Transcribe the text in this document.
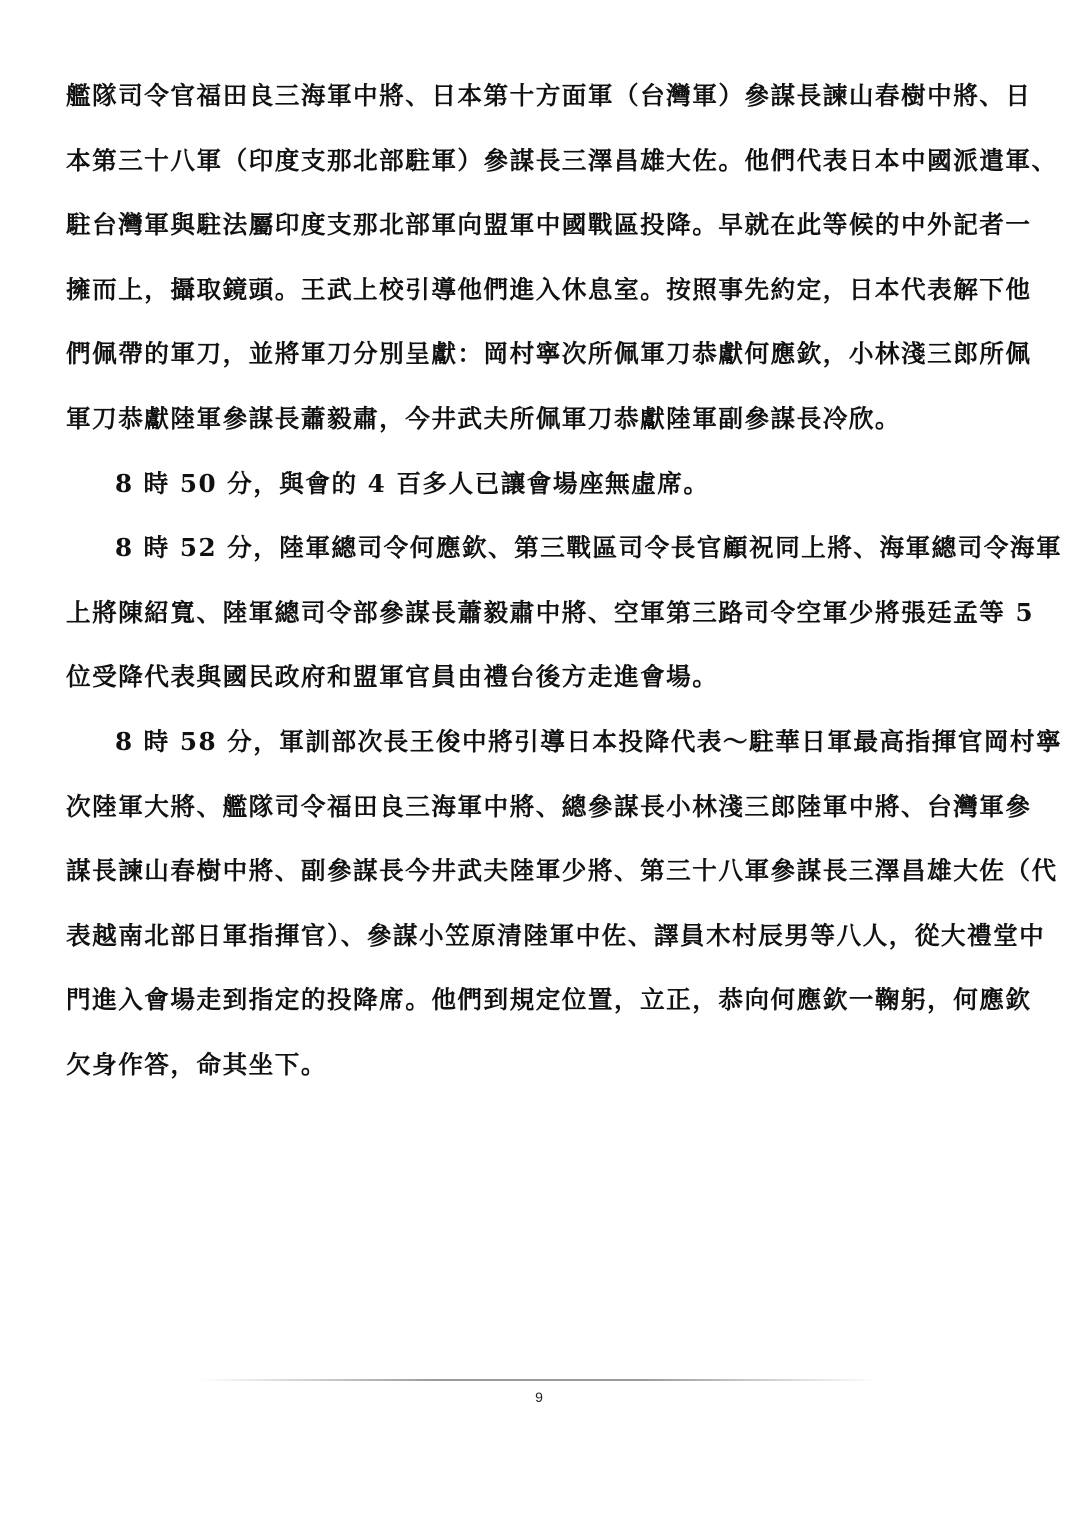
艦隊司令官福田良三海軍中將、日本第十方面軍（台灣軍）參謀長諫山春樹中將、日
本第三十八軍（印度支那北部駐軍）參謀長三澤昌雄大佐。他們代表日本中國派遣軍、
駐台灣軍與駐法屬印度支那北部軍向盟軍中國戰區投降。早就在此等候的中外記者一
擁而上，攝取鏡頭。王武上校引導他們進入休息室。按照事先約定，日本代表解下他
們佩帶的軍刀，並將軍刀分別呈獻：岡村寧次所佩軍刀恭獻何應欽，小林淺三郎所佩
軍刀恭獻陸軍參謀長蕭毅肅，今井武夫所佩軍刀恭獻陸軍副參謀長冷欣。
8 時 50 分，與會的 4 百多人已讓會場座無虛席。
8 時 52 分，陸軍總司令何應欽、第三戰區司令長官顧祝同上將、海軍總司令海軍
上將陳紹寬、陸軍總司令部參謀長蕭毅肅中將、空軍第三路司令空軍少將張廷孟等 5
位受降代表與國民政府和盟軍官員由禮台後方走進會場。
8 時 58 分，軍訓部次長王俊中將引導日本投降代表～駐華日軍最高指揮官岡村寧
次陸軍大將、艦隊司令福田良三海軍中將、總參謀長小林淺三郎陸軍中將、台灣軍參
謀長諫山春樹中將、副參謀長今井武夫陸軍少將、第三十八軍參謀長三澤昌雄大佐（代
表越南北部日軍指揮官）、參謀小笠原清陸軍中佐、譯員木村辰男等八人，從大禮堂中
門進入會場走到指定的投降席。他們到規定位置，立正，恭向何應欽一鞠躬，何應欽
欠身作答，命其坐下。
9
